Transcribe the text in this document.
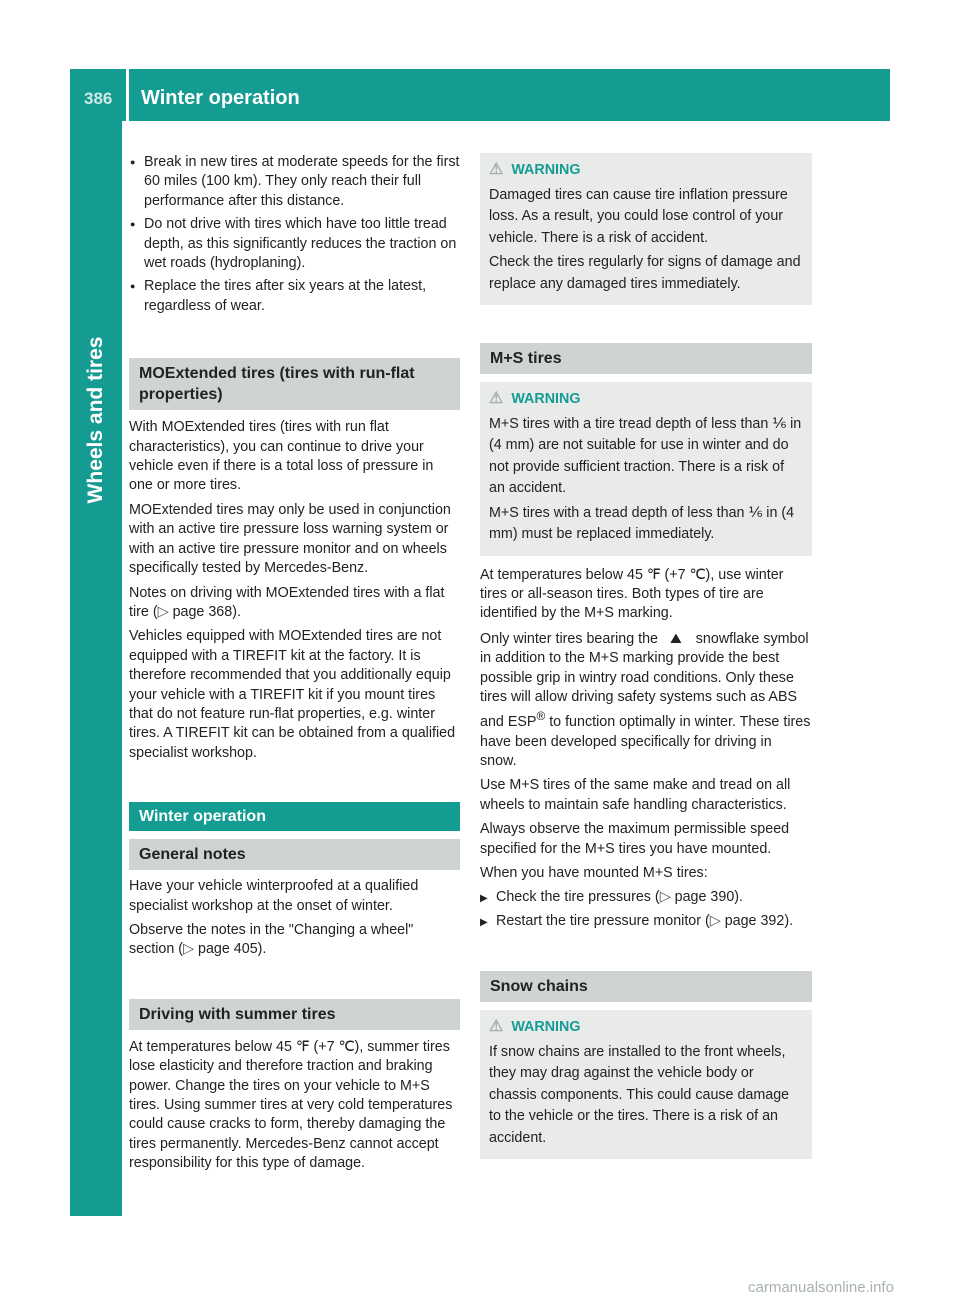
386 Winter operation
Wheels and tires
● Break in new tires at moderate speeds for the first 60 miles (100 km). They only reach their full performance after this distance.
● Do not drive with tires which have too little tread depth, as this significantly reduces the traction on wet roads (hydroplaning).
● Replace the tires after six years at the latest, regardless of wear.
MOExtended tires (tires with run-flat properties)

With MOExtended tires (tires with run flat characteristics), you can continue to drive your vehicle even if there is a total loss of pressure in one or more tires.

MOExtended tires may only be used in conjunction with an active tire pressure loss warning system or with an active tire pressure monitor and on wheels specifically tested by Mercedes-Benz.

Notes on driving with MOExtended tires with a flat tire (▷ page 368).

Vehicles equipped with MOExtended tires are not equipped with a TIREFIT kit at the factory. It is therefore recommended that you additionally equip your vehicle with a TIREFIT kit if you mount tires that do not feature run-flat properties, e.g. winter tires. A TIREFIT kit can be obtained from a qualified specialist workshop.

Winter operation
General notes

Have your vehicle winterproofed at a qualified specialist workshop at the onset of winter.

Observe the notes in the "Changing a wheel" section (▷ page 405).

Driving with summer tires

At temperatures below 45 ℉ (+7 ℃), summer tires lose elasticity and therefore traction and braking power. Change the tires on your vehicle to M+S tires. Using summer tires at very cold temperatures could cause cracks to form, thereby damaging the tires permanently. Mercedes-Benz cannot accept responsibility for this type of damage.

⚠ WARNING

Damaged tires can cause tire inflation pressure loss. As a result, you could lose control of your vehicle. There is a risk of accident.

Check the tires regularly for signs of damage and replace any damaged tires immediately.

M+S tires
⚠ WARNING

M+S tires with a tire tread depth of less than ⅙ in (4 mm) are not suitable for use in winter and do not provide sufficient traction. There is a risk of an accident.

M+S tires with a tread depth of less than ⅙ in (4 mm) must be replaced immediately.

At temperatures below 45 ℉ (+7 ℃), use winter tires or all-season tires. Both types of tire are identified by the M+S marking.

Only winter tires bearing the ⛰ snowflake symbol in addition to the M+S marking provide the best possible grip in wintry road conditions. Only these tires will allow driving safety systems such as ABS and ESP® to function optimally in winter. These tires have been developed specifically for driving in snow.

Use M+S tires of the same make and tread on all wheels to maintain safe handling characteristics.

Always observe the maximum permissible speed specified for the M+S tires you have mounted.

When you have mounted M+S tires:

▶ Check the tire pressures (▷ page 390).
▶ Restart the tire pressure monitor (▷ page 392).
Snow chains
⚠ WARNING

If snow chains are installed to the front wheels, they may drag against the vehicle body or chassis components. This could cause damage to the vehicle or the tires. There is a risk of an accident.

carmanualsonline.info
